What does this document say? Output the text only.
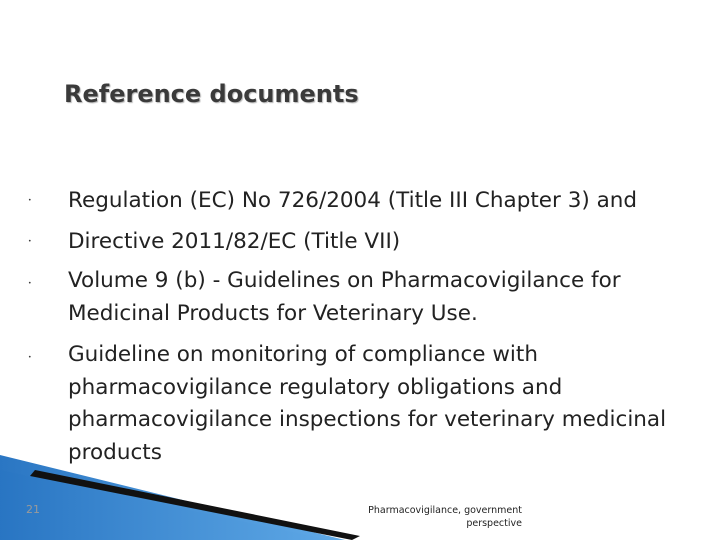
Reference documents
• Regulation (EC) No 726/2004 (Title III Chapter 3) and
• Directive 2011/82/EC (Title VII)
• Volume 9 (b) - Guidelines on Pharmacovigilance for Medicinal Products for Veterinary Use.
• Guideline on monitoring of compliance with pharmacovigilance regulatory obligations and pharmacovigilance inspections for veterinary medicinal products
21	Pharmacovigilance, government
perspective
